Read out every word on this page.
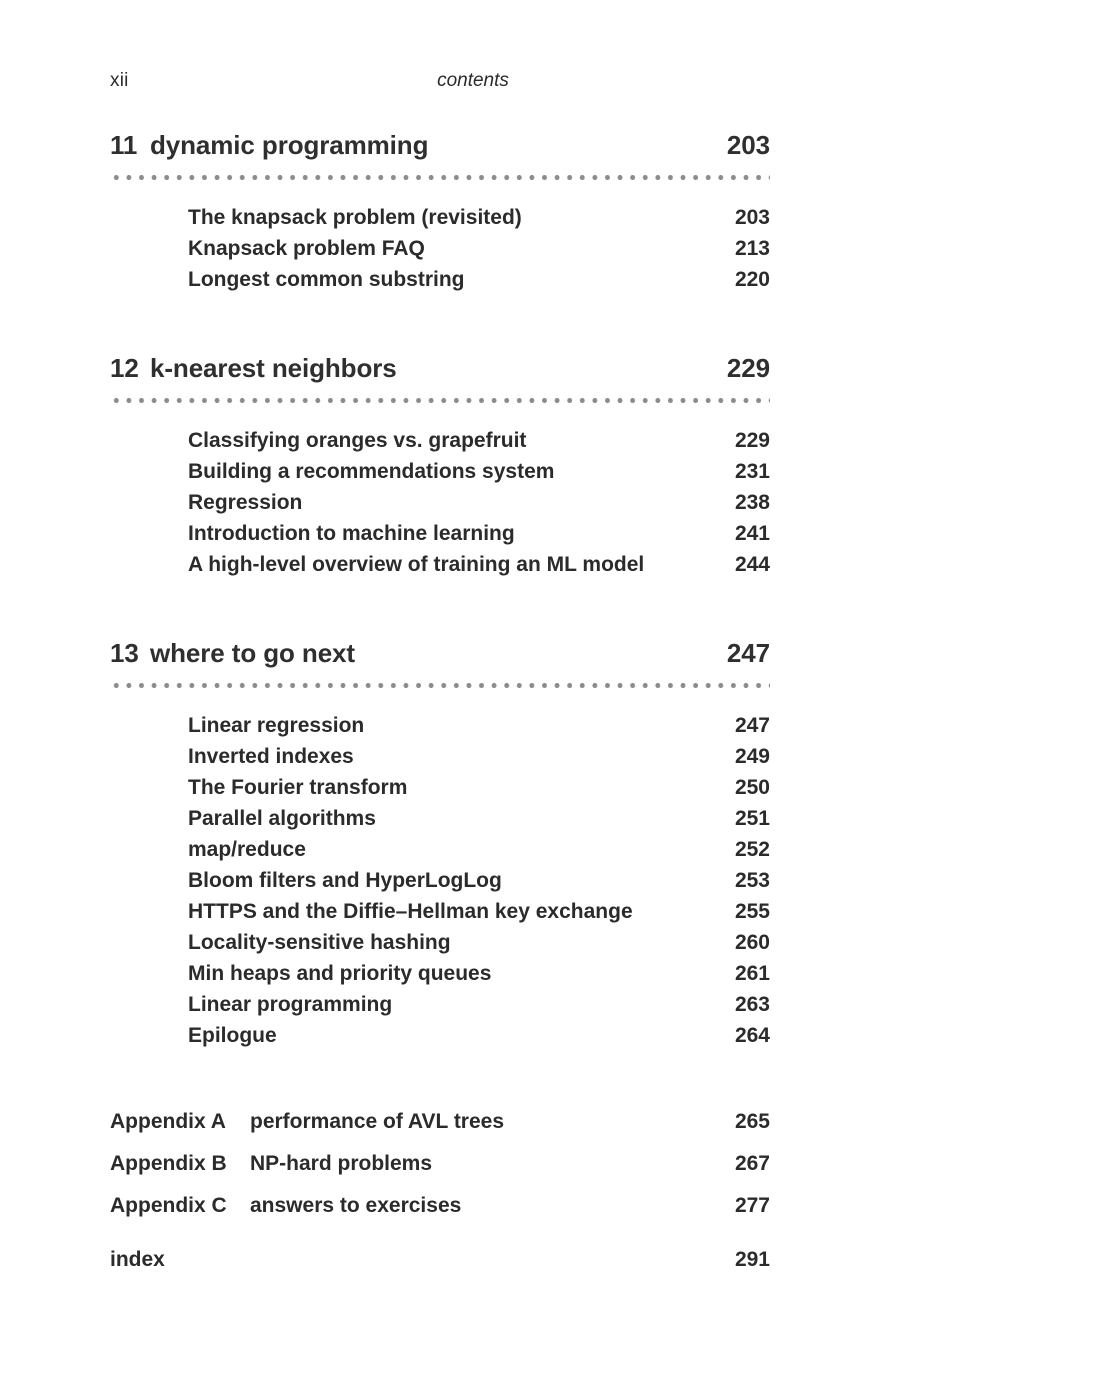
xii	contents
11 dynamic programming	203
The knapsack problem (revisited)	203
Knapsack problem FAQ	213
Longest common substring	220
12 k-nearest neighbors	229
Classifying oranges vs. grapefruit	229
Building a recommendations system	231
Regression	238
Introduction to machine learning	241
A high-level overview of training an ML model	244
13 where to go next	247
Linear regression	247
Inverted indexes	249
The Fourier transform	250
Parallel algorithms	251
map/reduce	252
Bloom filters and HyperLogLog	253
HTTPS and the Diffie–Hellman key exchange	255
Locality-sensitive hashing	260
Min heaps and priority queues	261
Linear programming	263
Epilogue	264
Appendix A	performance of AVL trees	265
Appendix B	NP-hard problems	267
Appendix C	answers to exercises	277
index	291
